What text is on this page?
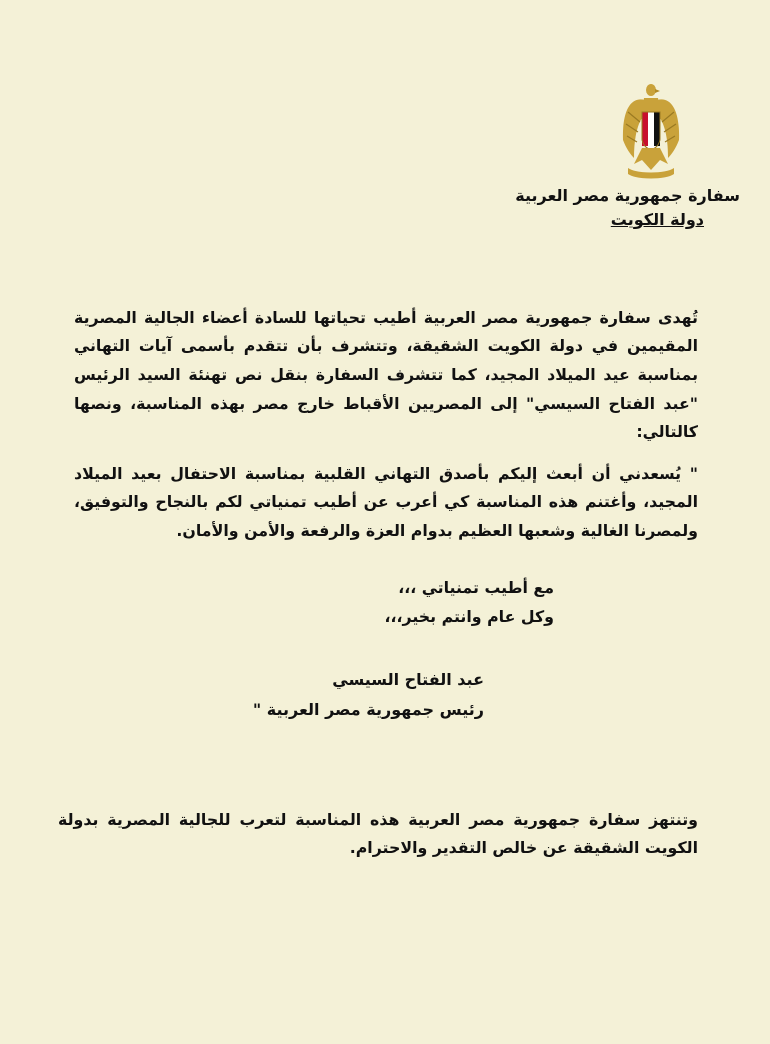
سفارة جمهورية مصر العربية
دولة الكويت

تُهدى سفارة جمهورية مصر العربية أطيب تحياتها للسادة أعضاء الجالية المصرية المقيمين في دولة الكويت الشقيقة، وتتشرف بأن تتقدم بأسمى آيات التهاني بمناسبة عيد الميلاد المجيد، كما تتشرف السفارة بنقل نص تهنئة السيد الرئيس "عبد الفتاح السيسي" إلى المصريين الأقباط خارج مصر بهذه المناسبة، ونصها كالتالي:

" يُسعدني أن أبعث إليكم بأصدق التهاني القلبية بمناسبة الاحتفال بعيد الميلاد المجيد، وأغتنم هذه المناسبة كي أعرب عن أطيب تمنياتي لكم بالنجاح والتوفيق، ولمصرنا الغالية وشعبها العظيم بدوام العزة والرفعة والأمن والأمان.

مع أطيب تمنياتي ،،،
وكل عام وانتم بخير،،،
عبد الفتاح السيسي
رئيس جمهورية مصر العربية "

وتنتهز سفارة جمهورية مصر العربية هذه المناسبة لتعرب للجالية المصرية بدولة الكويت الشقيقة عن خالص التقدير والاحترام.
